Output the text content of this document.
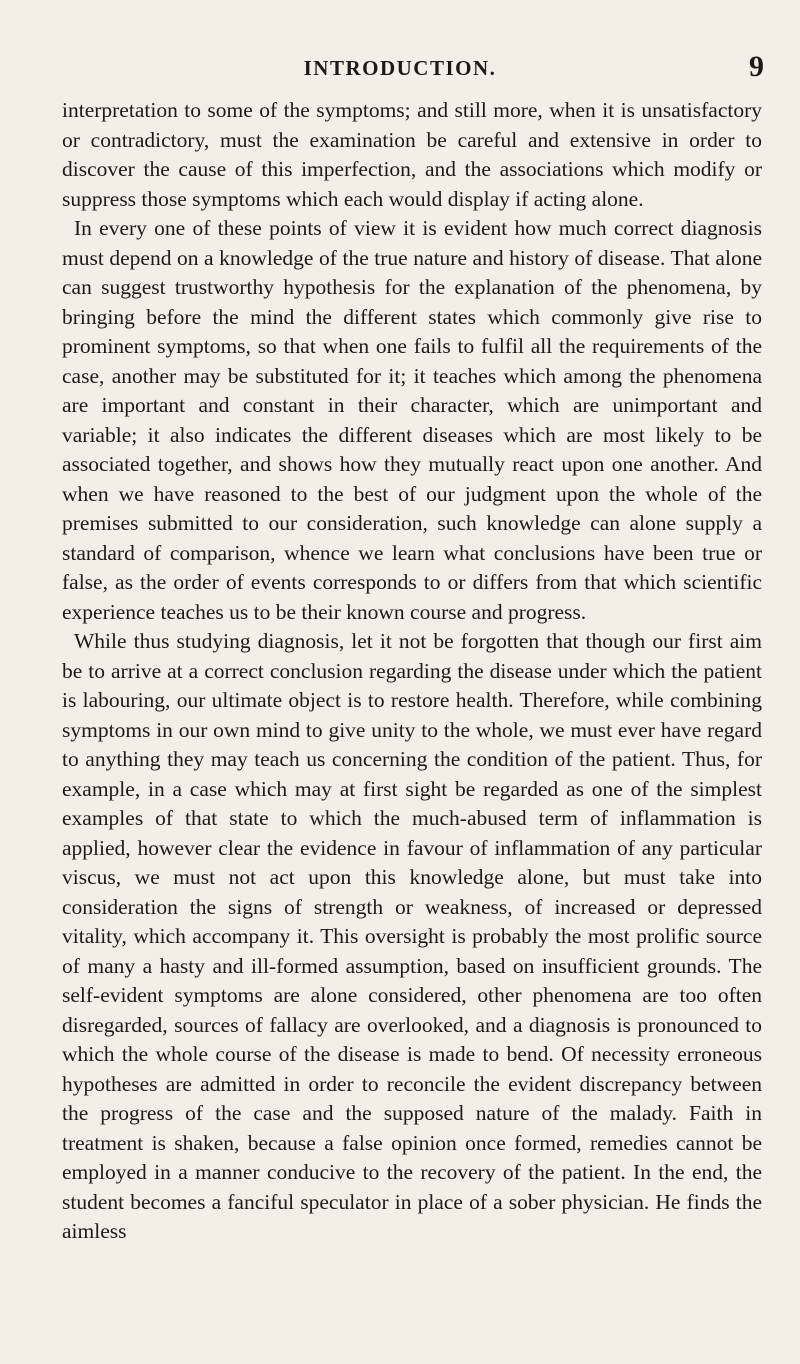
INTRODUCTION.	9

interpretation to some of the symptoms; and still more, when it is unsatisfactory or contradictory, must the examination be careful and extensive in order to discover the cause of this imperfection, and the associations which modify or suppress those symptoms which each would display if acting alone.

In every one of these points of view it is evident how much correct diagnosis must depend on a knowledge of the true nature and history of disease. That alone can suggest trustworthy hypothesis for the explanation of the phenomena, by bringing before the mind the different states which commonly give rise to prominent symptoms, so that when one fails to fulfil all the requirements of the case, another may be substituted for it; it teaches which among the phenomena are important and constant in their character, which are unimportant and variable; it also indicates the different diseases which are most likely to be associated together, and shows how they mutually react upon one another. And when we have reasoned to the best of our judgment upon the whole of the premises submitted to our consideration, such knowledge can alone supply a standard of comparison, whence we learn what conclusions have been true or false, as the order of events corresponds to or differs from that which scientific experience teaches us to be their known course and progress.

While thus studying diagnosis, let it not be forgotten that though our first aim be to arrive at a correct conclusion regarding the disease under which the patient is labouring, our ultimate object is to restore health. Therefore, while combining symptoms in our own mind to give unity to the whole, we must ever have regard to anything they may teach us concerning the condition of the patient. Thus, for example, in a case which may at first sight be regarded as one of the simplest examples of that state to which the much-abused term of inflammation is applied, however clear the evidence in favour of inflammation of any particular viscus, we must not act upon this knowledge alone, but must take into consideration the signs of strength or weakness, of increased or depressed vitality, which accompany it. This oversight is probably the most prolific source of many a hasty and ill-formed assumption, based on insufficient grounds. The self-evident symptoms are alone considered, other phenomena are too often disregarded, sources of fallacy are overlooked, and a diagnosis is pronounced to which the whole course of the disease is made to bend. Of necessity erroneous hypotheses are admitted in order to reconcile the evident discrepancy between the progress of the case and the supposed nature of the malady. Faith in treatment is shaken, because a false opinion once formed, remedies cannot be employed in a manner conducive to the recovery of the patient. In the end, the student becomes a fanciful speculator in place of a sober physician. He finds the aimless
